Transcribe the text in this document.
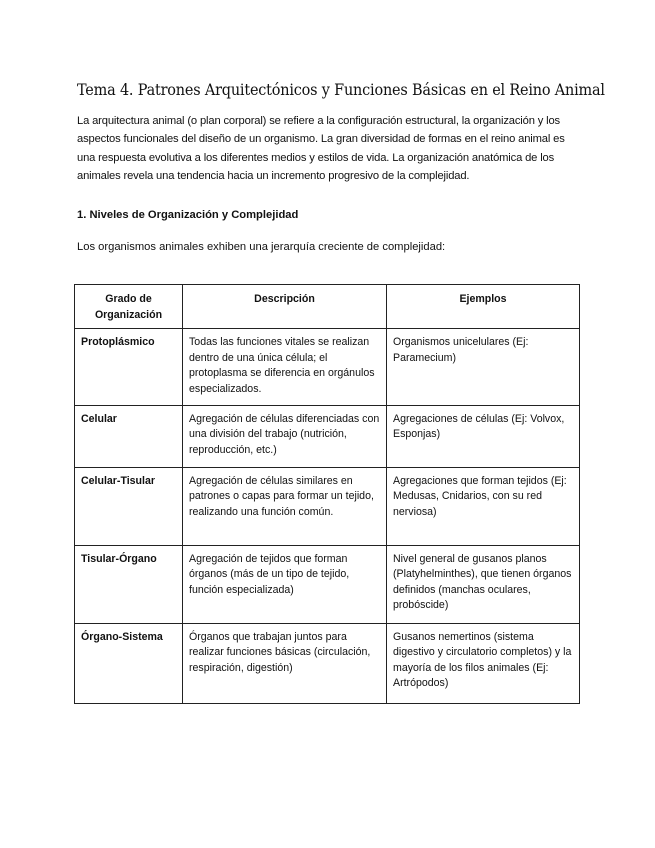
Tema 4. Patrones Arquitectónicos y Funciones Básicas en el Reino Animal

La arquitectura animal (o plan corporal) se refiere a la configuración estructural, la organización y los aspectos funcionales del diseño de un organismo. La gran diversidad de formas en el reino animal es una respuesta evolutiva a los diferentes medios y estilos de vida. La organización anatómica de los animales revela una tendencia hacia un incremento progresivo de la complejidad.

1. Niveles de Organización y Complejidad

Los organismos animales exhiben una jerarquía creciente de complejidad:

Grado de Organización	Descripción	Ejemplos
Protoplásmico	Todas las funciones vitales se realizan dentro de una única célula; el protoplasma se diferencia en orgánulos especializados.	Organismos unicelulares (Ej: Paramecium)
Celular	Agregación de células diferenciadas con una división del trabajo (nutrición, reproducción, etc.)	Agregaciones de células (Ej: Volvox, Esponjas)
Celular-Tisular	Agregación de células similares en patrones o capas para formar un tejido, realizando una función común.	Agregaciones que forman tejidos (Ej: Medusas, Cnidarios, con su red nerviosa)
Tisular-Órgano	Agregación de tejidos que forman órganos (más de un tipo de tejido, función especializada)	Nivel general de gusanos planos (Platyhelminthes), que tienen órganos definidos (manchas oculares, probóscide)
Órgano-Sistema	Órganos que trabajan juntos para realizar funciones básicas (circulación, respiración, digestión)	Gusanos nemertinos (sistema digestivo y circulatorio completos) y la mayoría de los filos animales (Ej: Artrópodos)
